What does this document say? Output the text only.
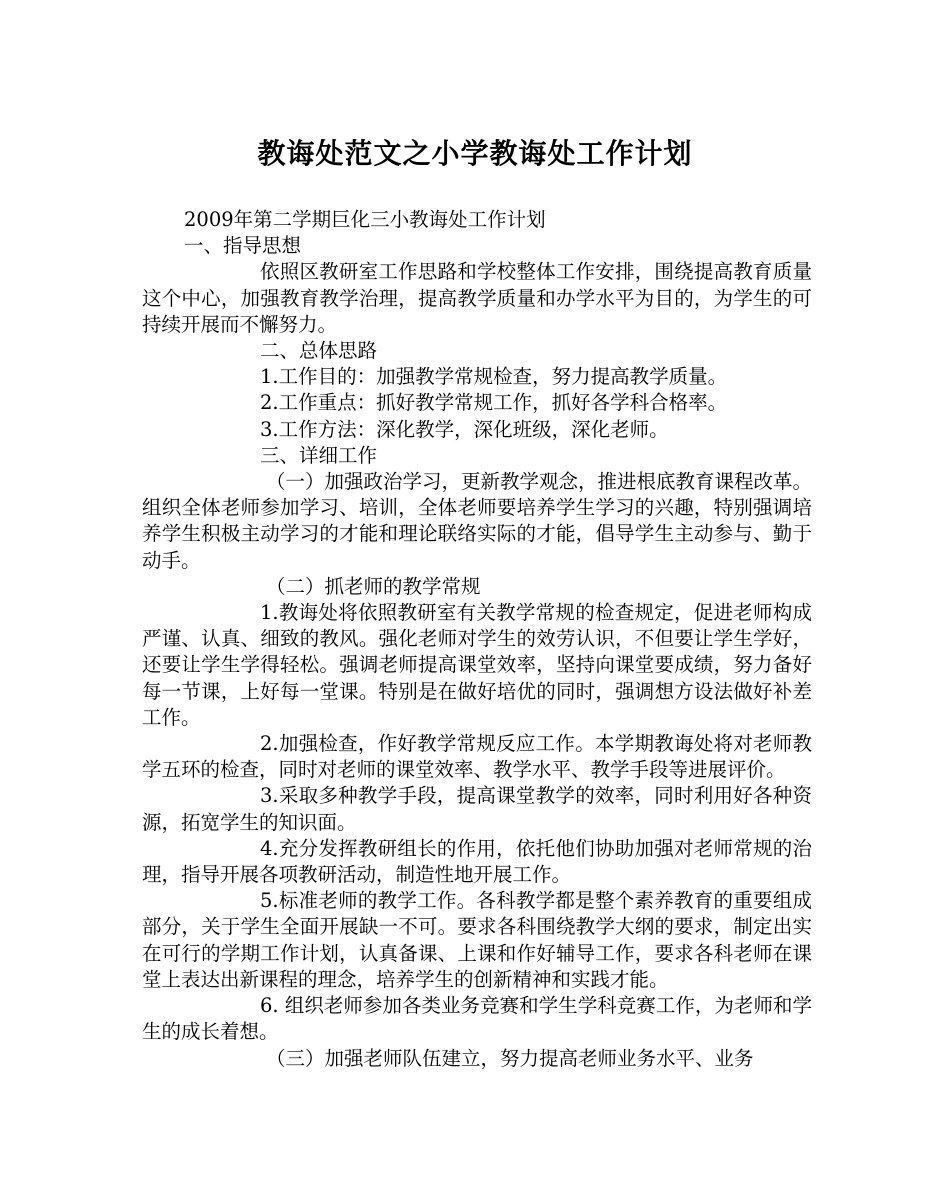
教诲处范文之小学教诲处工作计划

2009年第二学期巨化三小教诲处工作计划

一、指导思想

依照区教研室工作思路和学校整体工作安排，围绕提高教育质量这个中心，加强教育教学治理，提高教学质量和办学水平为目的，为学生的可持续开展而不懈努力。

二、总体思路

1.工作目的：加强教学常规检查，努力提高教学质量。

2.工作重点：抓好教学常规工作，抓好各学科合格率。

3.工作方法：深化教学，深化班级，深化老师。

三、详细工作

（一）加强政治学习，更新教学观念，推进根底教育课程改革。组织全体老师参加学习、培训，全体老师要培养学生学习的兴趣，特别强调培养学生积极主动学习的才能和理论联络实际的才能，倡导学生主动参与、勤于动手。

（二）抓老师的教学常规

1.教诲处将依照教研室有关教学常规的检查规定，促进老师构成严谨、认真、细致的教风。强化老师对学生的效劳认识，不但要让学生学好，还要让学生学得轻松。强调老师提高课堂效率，坚持向课堂要成绩，努力备好每一节课，上好每一堂课。特别是在做好培优的同时，强调想方设法做好补差工作。

2.加强检查，作好教学常规反应工作。本学期教诲处将对老师教学五环的检查，同时对老师的课堂效率、教学水平、教学手段等进展评价。

3.采取多种教学手段，提高课堂教学的效率，同时利用好各种资源，拓宽学生的知识面。

4.充分发挥教研组长的作用，依托他们协助加强对老师常规的治理，指导开展各项教研活动，制造性地开展工作。

5.标准老师的教学工作。各科教学都是整个素养教育的重要组成部分，关于学生全面开展缺一不可。要求各科围绕教学大纲的要求，制定出实在可行的学期工作计划，认真备课、上课和作好辅导工作，要求各科老师在课堂上表达出新课程的理念，培养学生的创新精神和实践才能。

6. 组织老师参加各类业务竞赛和学生学科竞赛工作，为老师和学生的成长着想。

（三）加强老师队伍建立，努力提高老师业务水平、业务
